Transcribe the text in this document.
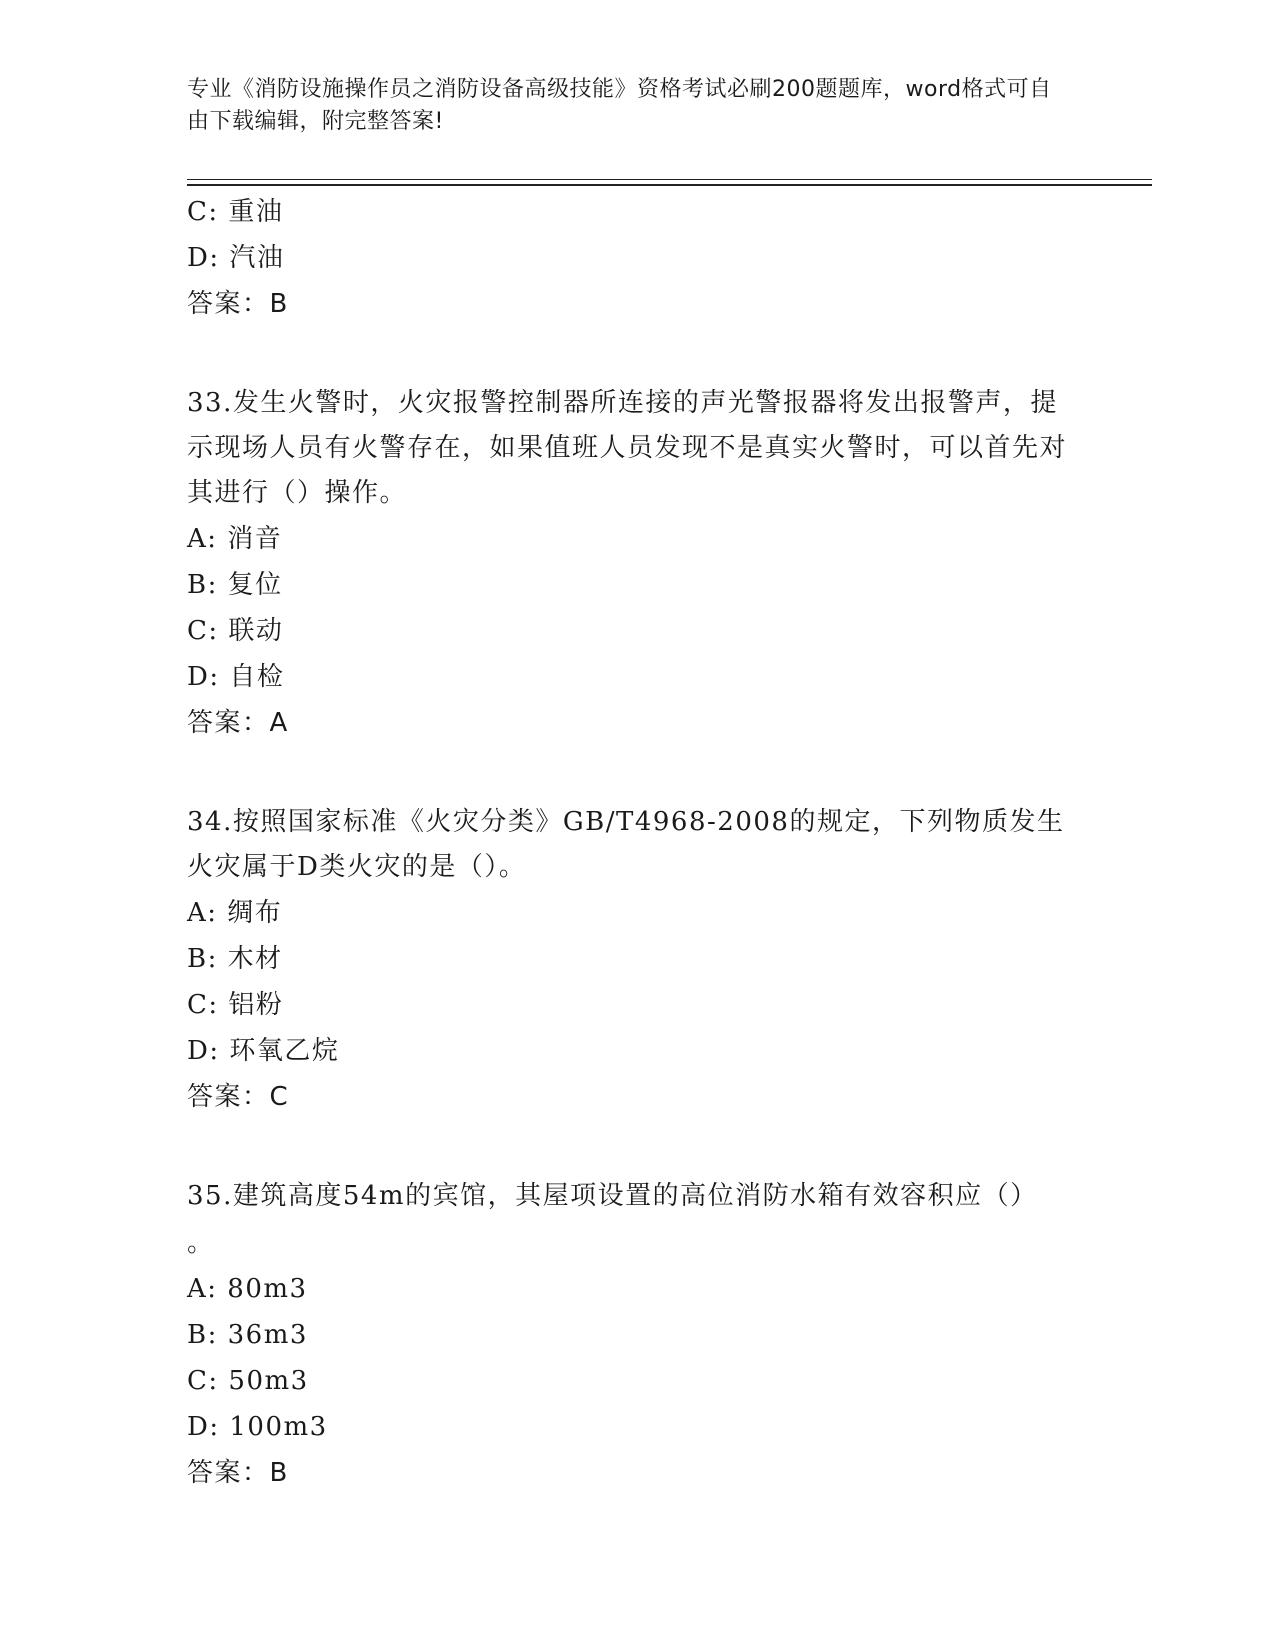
专业《消防设施操作员之消防设备高级技能》资格考试必刷200题题库，word格式可自由下载编辑，附完整答案!
C: 重油
D: 汽油
答案：B
33.发生火警时，火灾报警控制器所连接的声光警报器将发出报警声，提示现场人员有火警存在，如果值班人员发现不是真实火警时，可以首先对其进行（）操作。
A: 消音
B: 复位
C: 联动
D: 自检
答案：A
34.按照国家标准《火灾分类》GB/T4968-2008的规定，下列物质发生火灾属于D类火灾的是（）。
A: 绸布
B: 木材
C: 铝粉
D: 环氧乙烷
答案：C
35.建筑高度54m的宾馆，其屋项设置的高位消防水箱有效容积应（）
。
A: 80m3
B: 36m3
C: 50m3
D: 100m3
答案：B
